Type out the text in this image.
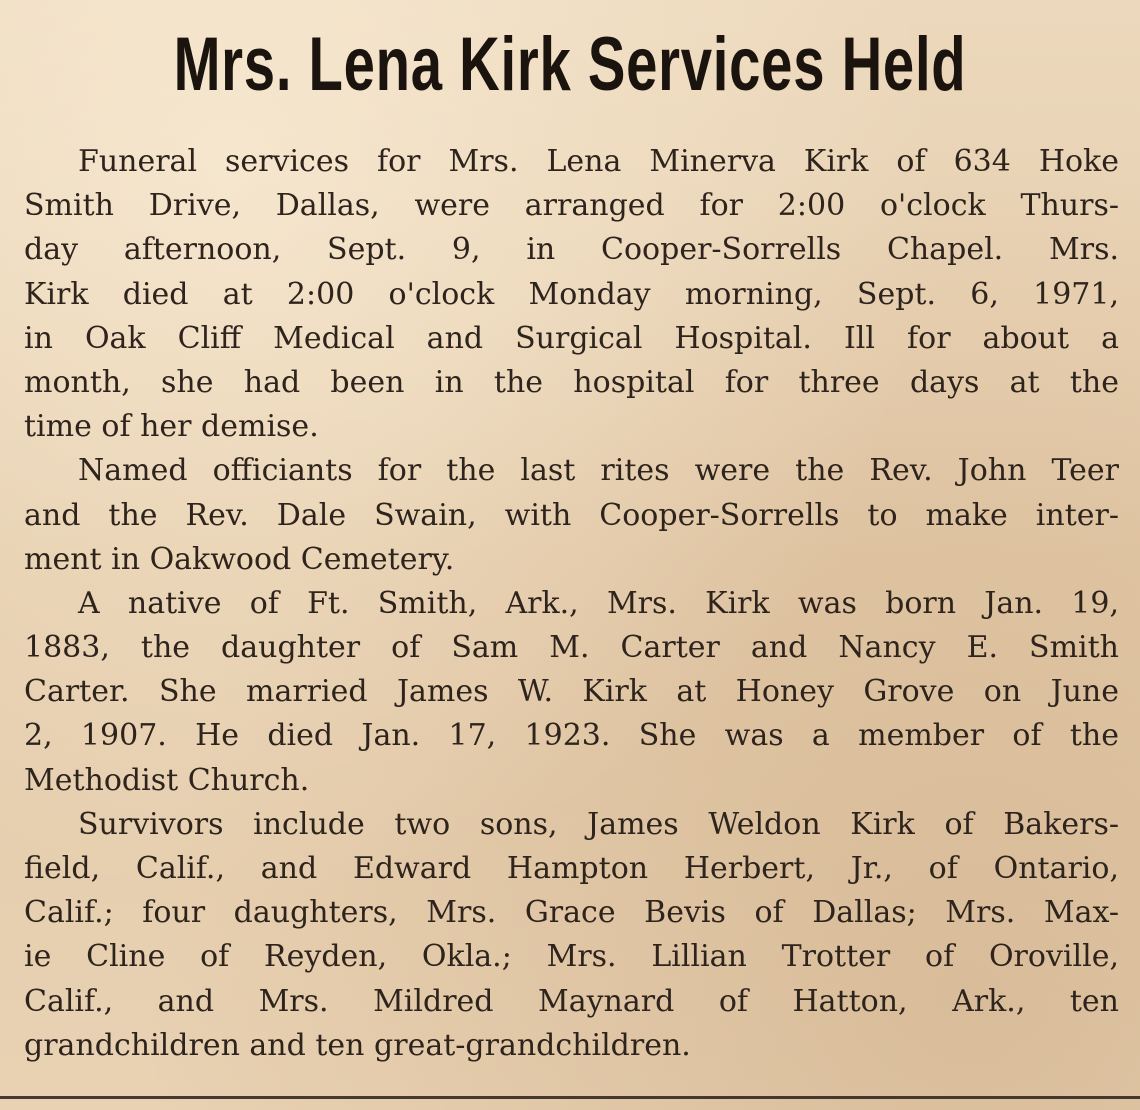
Mrs. Lena Kirk Services Held
Funeral services for Mrs. Lena Minerva Kirk of 634 Hoke
Smith Drive, Dallas, were arranged for 2:00 o'clock Thurs-
day afternoon, Sept. 9, in Cooper-Sorrells Chapel. Mrs.
Kirk died at 2:00 o'clock Monday morning, Sept. 6, 1971,
in Oak Cliff Medical and Surgical Hospital. Ill for about a
month, she had been in the hospital for three days at the
time of her demise.
Named officiants for the last rites were the Rev. John Teer
and the Rev. Dale Swain, with Cooper-Sorrells to make inter-
ment in Oakwood Cemetery.
A native of Ft. Smith, Ark., Mrs. Kirk was born Jan. 19,
1883, the daughter of Sam M. Carter and Nancy E. Smith
Carter. She married James W. Kirk at Honey Grove on June
2, 1907. He died Jan. 17, 1923. She was a member of the
Methodist Church.
Survivors include two sons, James Weldon Kirk of Bakers-
field, Calif., and Edward Hampton Herbert, Jr., of Ontario,
Calif.; four daughters, Mrs. Grace Bevis of Dallas; Mrs. Max-
ie Cline of Reyden, Okla.; Mrs. Lillian Trotter of Oroville,
Calif., and Mrs. Mildred Maynard of Hatton, Ark., ten
grandchildren and ten great-grandchildren.
